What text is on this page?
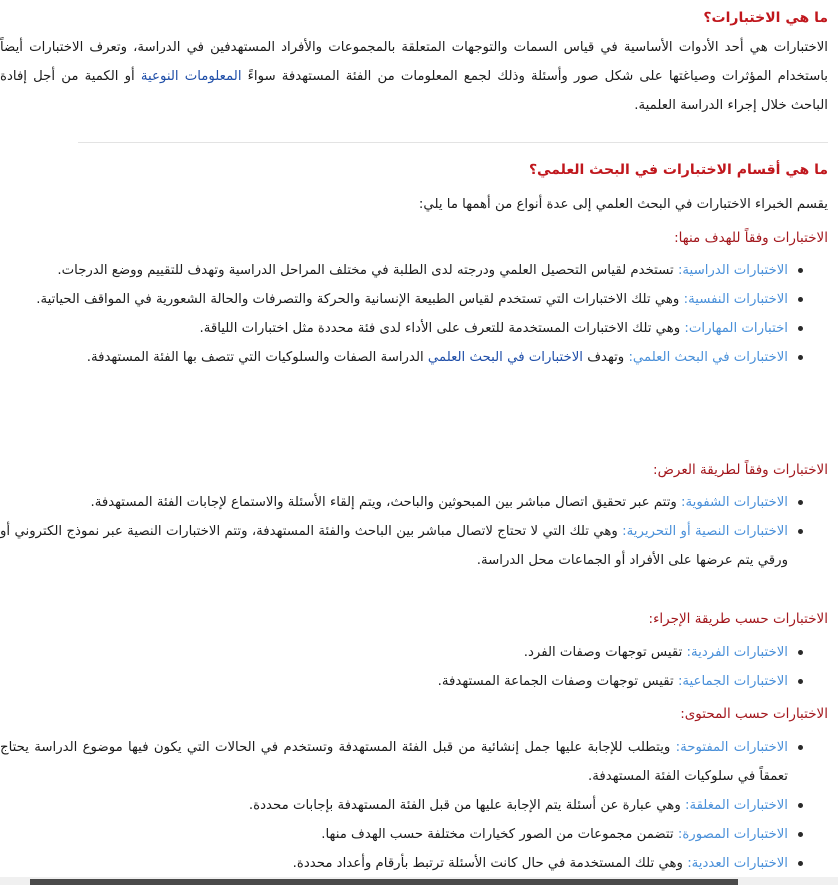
ما هي الاختبارات؟

الاختبارات هي أحد الأدوات الأساسية في قياس السمات والتوجهات المتعلقة بالمجموعات والأفراد المستهدفين في الدراسة، وتعرف الاختبارات أيضاً باستخدام المؤثرات وصياغتها على شكل صور وأسئلة وذلك لجمع المعلومات من الفئة المستهدفة سواءً المعلومات النوعية أو الكمية من أجل إفادة الباحث خلال إجراء الدراسة العلمية.

ما هي أقسام الاختبارات في البحث العلمي؟

يقسم الخبراء الاختبارات في البحث العلمي إلى عدة أنواع من أهمها ما يلي:

الاختبارات وفقاً للهدف منها:
الاختبارات الدراسية: تستخدم لقياس التحصيل العلمي ودرجته لدى الطلبة في مختلف المراحل الدراسية وتهدف للتقييم ووضع الدرجات.
الاختبارات النفسية: وهي تلك الاختبارات التي تستخدم لقياس الطبيعة الإنسانية والحركة والتصرفات والحالة الشعورية في المواقف الحياتية.
اختبارات المهارات: وهي تلك الاختبارات المستخدمة للتعرف على الأداء لدى فئة محددة مثل اختبارات اللياقة.
الاختبارات في البحث العلمي: وتهدف الاختبارات في البحث العلمي الدراسة الصفات والسلوكيات التي تتصف بها الفئة المستهدفة.
الاختبارات وفقاً لطريقة العرض:
الاختبارات الشفوية: وتتم عبر تحقيق اتصال مباشر بين المبحوثين والباحث، ويتم إلقاء الأسئلة والاستماع لإجابات الفئة المستهدفة.
الاختبارات النصية أو التحريرية: وهي تلك التي لا تحتاج لاتصال مباشر بين الباحث والفئة المستهدفة، وتتم الاختبارات النصية عبر نموذج الكتروني أو ورقي يتم عرضها على الأفراد أو الجماعات محل الدراسة.
الاختبارات حسب طريقة الإجراء:
الاختبارات الفردية: تقيس توجهات وصفات الفرد.
الاختبارات الجماعية: تقيس توجهات وصفات الجماعة المستهدفة.
الاختبارات حسب المحتوى:
الاختبارات المفتوحة: ويتطلب للإجابة عليها جمل إنشائية من قبل الفئة المستهدفة وتستخدم في الحالات التي يكون فيها موضوع الدراسة يحتاج تعمقاً في سلوكيات الفئة المستهدفة.
الاختبارات المغلقة: وهي عبارة عن أسئلة يتم الإجابة عليها من قبل الفئة المستهدفة بإجابات محددة.
الاختبارات المصورة: تتضمن مجموعات من الصور كخيارات مختلفة حسب الهدف منها.
الاختبارات العددية: وهي تلك المستخدمة في حال كانت الأسئلة ترتبط بأرقام وأعداد محددة.
